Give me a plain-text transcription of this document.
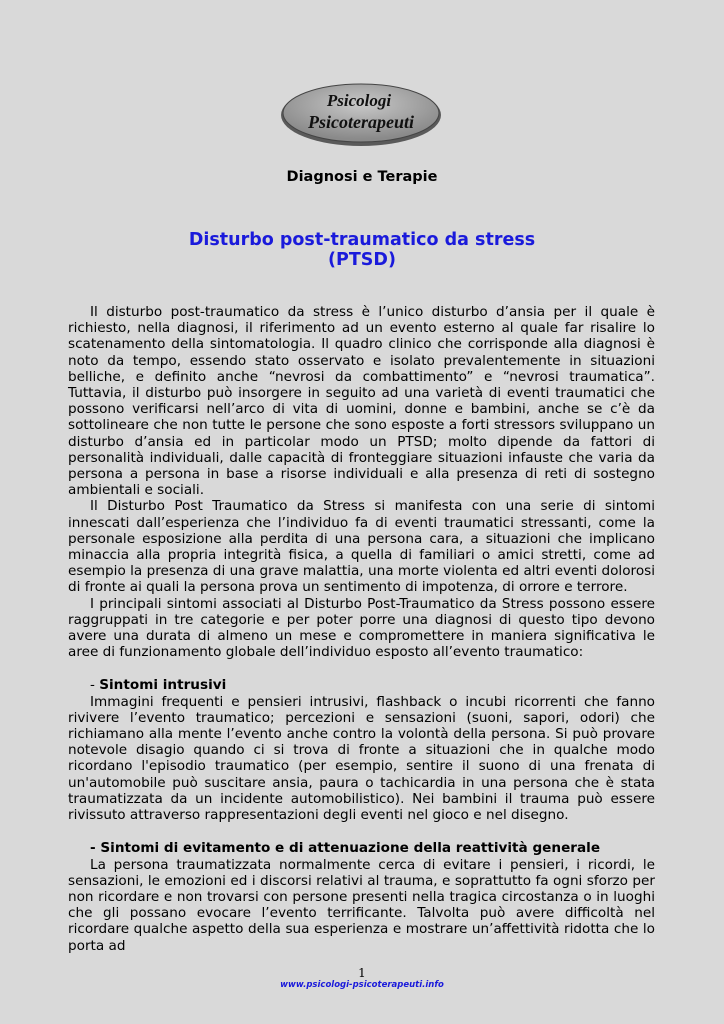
Psicologi
Psicoterapeuti
Diagnosi e Terapie
Disturbo post-traumatico da stress
(PTSD)

Il disturbo post-traumatico da stress è l’unico disturbo d’ansia per il quale è richiesto, nella diagnosi, il riferimento ad un evento esterno al quale far risalire lo scatenamento della sintomatologia. Il quadro clinico che corrisponde alla diagnosi è noto da tempo, essendo stato osservato e isolato prevalentemente in situazioni belliche, e definito anche “nevrosi da combattimento” e “nevrosi traumatica”. Tuttavia, il disturbo può insorgere in seguito ad una varietà di eventi traumatici che possono verificarsi nell’arco di vita di uomini, donne e bambini, anche se c’è da sottolineare che non tutte le persone che sono esposte a forti stressors sviluppano un disturbo d’ansia ed in particolar modo un PTSD; molto dipende da fattori di personalità individuali, dalle capacità di fronteggiare situazioni infauste che varia da persona a persona in base a risorse individuali e alla presenza di reti di sostegno ambientali e sociali.

Il Disturbo Post Traumatico da Stress si manifesta con una serie di sintomi innescati dall’esperienza che l’individuo fa di eventi traumatici stressanti, come la personale esposizione alla perdita di una persona cara, a situazioni che implicano minaccia alla propria integrità fisica, a quella di familiari o amici stretti, come ad esempio la presenza di una grave malattia, una morte violenta ed altri eventi dolorosi di fronte ai quali la persona prova un sentimento di impotenza, di orrore e terrore.

I principali sintomi associati al Disturbo Post-Traumatico da Stress possono essere raggruppati in tre categorie e per poter porre una diagnosi di questo tipo devono avere una durata di almeno un mese e compromettere in maniera significativa le aree di funzionamento globale dell’individuo esposto all’evento traumatico:

- Sintomi intrusivi

Immagini frequenti e pensieri intrusivi, flashback o incubi ricorrenti che fanno rivivere l’evento traumatico; percezioni e sensazioni (suoni, sapori, odori) che richiamano alla mente l’evento anche contro la volontà della persona. Si può provare notevole disagio quando ci si trova di fronte a situazioni che in qualche modo ricordano l'episodio traumatico (per esempio, sentire il suono di una frenata di un'automobile può suscitare ansia, paura o tachicardia in una persona che è stata traumatizzata da un incidente automobilistico). Nei bambini il trauma può essere rivissuto attraverso rappresentazioni degli eventi nel gioco e nel disegno.

- Sintomi di evitamento e di attenuazione della reattività generale

La persona traumatizzata normalmente cerca di evitare i pensieri, i ricordi, le sensazioni, le emozioni ed i discorsi relativi al trauma, e soprattutto fa ogni sforzo per non ricordare e non trovarsi con persone presenti nella tragica circostanza o in luoghi che gli possano evocare l’evento terrificante. Talvolta può avere difficoltà nel ricordare qualche aspetto della sua esperienza e mostrare un’affettività ridotta che lo porta ad

1
www.psicologi-psicoterapeuti.info
